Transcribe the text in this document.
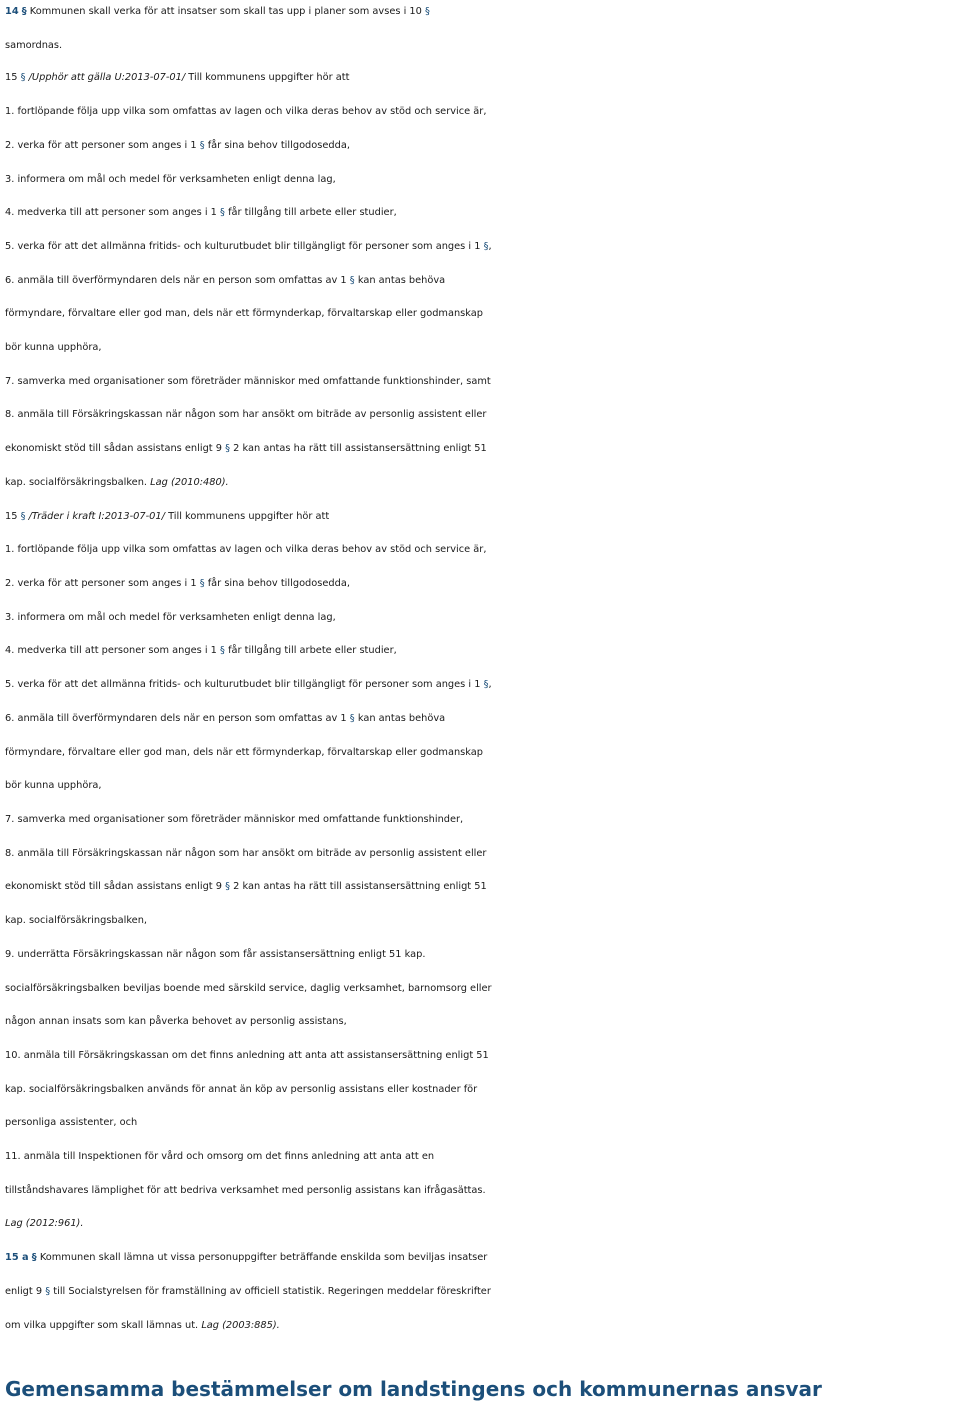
14 § Kommunen skall verka för att insatser som skall tas upp i planer som avses i 10 §
samordnas.
15 § /Upphör att gälla U:2013-07-01/ Till kommunens uppgifter hör att
1. fortlöpande följa upp vilka som omfattas av lagen och vilka deras behov av stöd och service är,
2. verka för att personer som anges i 1 § får sina behov tillgodosedda,
3. informera om mål och medel för verksamheten enligt denna lag,
4. medverka till att personer som anges i 1 § får tillgång till arbete eller studier,
5. verka för att det allmänna fritids- och kulturutbudet blir tillgängligt för personer som anges i 1 §,
6. anmäla till överförmyndaren dels när en person som omfattas av 1 § kan antas behöva
förmyndare, förvaltare eller god man, dels när ett förmynderkap, förvaltarskap eller godmanskap
bör kunna upphöra,
7. samverka med organisationer som företräder människor med omfattande funktionshinder, samt
8. anmäla till Försäkringskassan när någon som har ansökt om biträde av personlig assistent eller
ekonomiskt stöd till sådan assistans enligt 9 § 2 kan antas ha rätt till assistansersättning enligt 51
kap. socialförsäkringsbalken. Lag (2010:480).
15 § /Träder i kraft I:2013-07-01/ Till kommunens uppgifter hör att
1. fortlöpande följa upp vilka som omfattas av lagen och vilka deras behov av stöd och service är,
2. verka för att personer som anges i 1 § får sina behov tillgodosedda,
3. informera om mål och medel för verksamheten enligt denna lag,
4. medverka till att personer som anges i 1 § får tillgång till arbete eller studier,
5. verka för att det allmänna fritids- och kulturutbudet blir tillgängligt för personer som anges i 1 §,
6. anmäla till överförmyndaren dels när en person som omfattas av 1 § kan antas behöva
förmyndare, förvaltare eller god man, dels när ett förmynderkap, förvaltarskap eller godmanskap
bör kunna upphöra,
7. samverka med organisationer som företräder människor med omfattande funktionshinder,
8. anmäla till Försäkringskassan när någon som har ansökt om biträde av personlig assistent eller
ekonomiskt stöd till sådan assistans enligt 9 § 2 kan antas ha rätt till assistansersättning enligt 51
kap. socialförsäkringsbalken,
9. underrätta Försäkringskassan när någon som får assistansersättning enligt 51 kap.
socialförsäkringsbalken beviljas boende med särskild service, daglig verksamhet, barnomsorg eller
någon annan insats som kan påverka behovet av personlig assistans,
10. anmäla till Försäkringskassan om det finns anledning att anta att assistansersättning enligt 51
kap. socialförsäkringsbalken används för annat än köp av personlig assistans eller kostnader för
personliga assistenter, och
11. anmäla till Inspektionen för vård och omsorg om det finns anledning att anta att en
tillståndshavares lämplighet för att bedriva verksamhet med personlig assistans kan ifrågasättas.
Lag (2012:961).
15 a § Kommunen skall lämna ut vissa personuppgifter beträffande enskilda som beviljas insatser
enligt 9 § till Socialstyrelsen för framställning av officiell statistik. Regeringen meddelar föreskrifter
om vilka uppgifter som skall lämnas ut. Lag (2003:885).
Gemensamma bestämmelser om landstingens och kommunernas ansvar
